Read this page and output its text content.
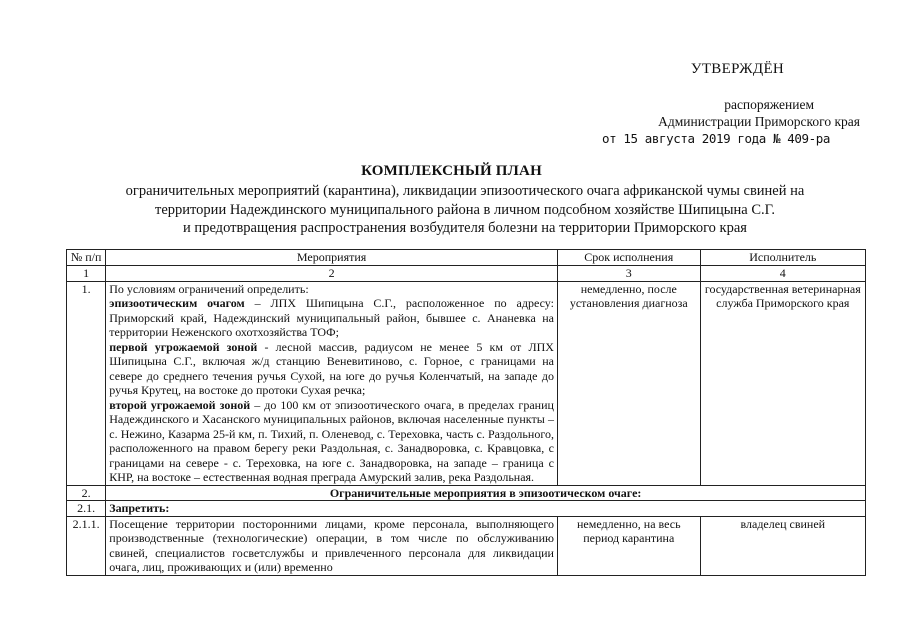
УТВЕРЖДЁН
распоряжением
Администрации Приморского края
от 15 августа 2019 года № 409-ра
КОМПЛЕКСНЫЙ ПЛАН
ограничительных мероприятий (карантина), ликвидации эпизоотического очага африканской чумы свиней на
территории Надеждинского муниципального района в личном подсобном хозяйстве Шипицына С.Г.
и предотвращения распространения возбудителя болезни на территории Приморского края
№ п/п	Мероприятия	Срок исполнения	Исполнитель
1	2	3	4
1.	По условиям ограничений определить:
эпизоотическим очагом – ЛПХ Шипицына С.Г., расположенное по адресу: Приморский край, Надеждинский муниципальный район, бывшее с. Ананевка на территории Неженского охотхозяйства ТОФ;
первой угрожаемой зоной - лесной массив, радиусом не менее 5 км от ЛПХ Шипицына С.Г., включая ж/д станцию Веневитиново, с. Горное, с границами на севере до среднего течения ручья Сухой, на юге до ручья Коленчатый, на западе до ручья Крутец, на востоке до протоки Сухая речка;
второй угрожаемой зоной – до 100 км от эпизоотического очага, в пределах границ Надеждинского и Хасанского муниципальных районов, включая населенные пункты – с. Нежино, Казарма 25-й км, п. Тихий, п. Оленевод, с. Тереховка, часть с. Раздольного, расположенного на правом берегу реки Раздольная, с. Занадворовка, с. Кравцовка, с границами на севере - с. Тереховка, на юге с. Занадворовка, на западе – граница с КНР, на востоке – естественная водная преграда Амурский залив, река Раздольная.	немедленно, после установления диагноза	государственная ветеринарная служба Приморского края
2.	Ограничительные мероприятия в эпизоотическом очаге:		
2.1.	Запретить:		
2.1.1.	Посещение территории посторонними лицами, кроме персонала, выполняющего производственные (технологические) операции, в том числе по обслуживанию свиней, специалистов госветслужбы и привлеченного персонала для ликвидации очага, лиц, проживающих и (или) временно	немедленно, на весь период карантина	владелец свиней
